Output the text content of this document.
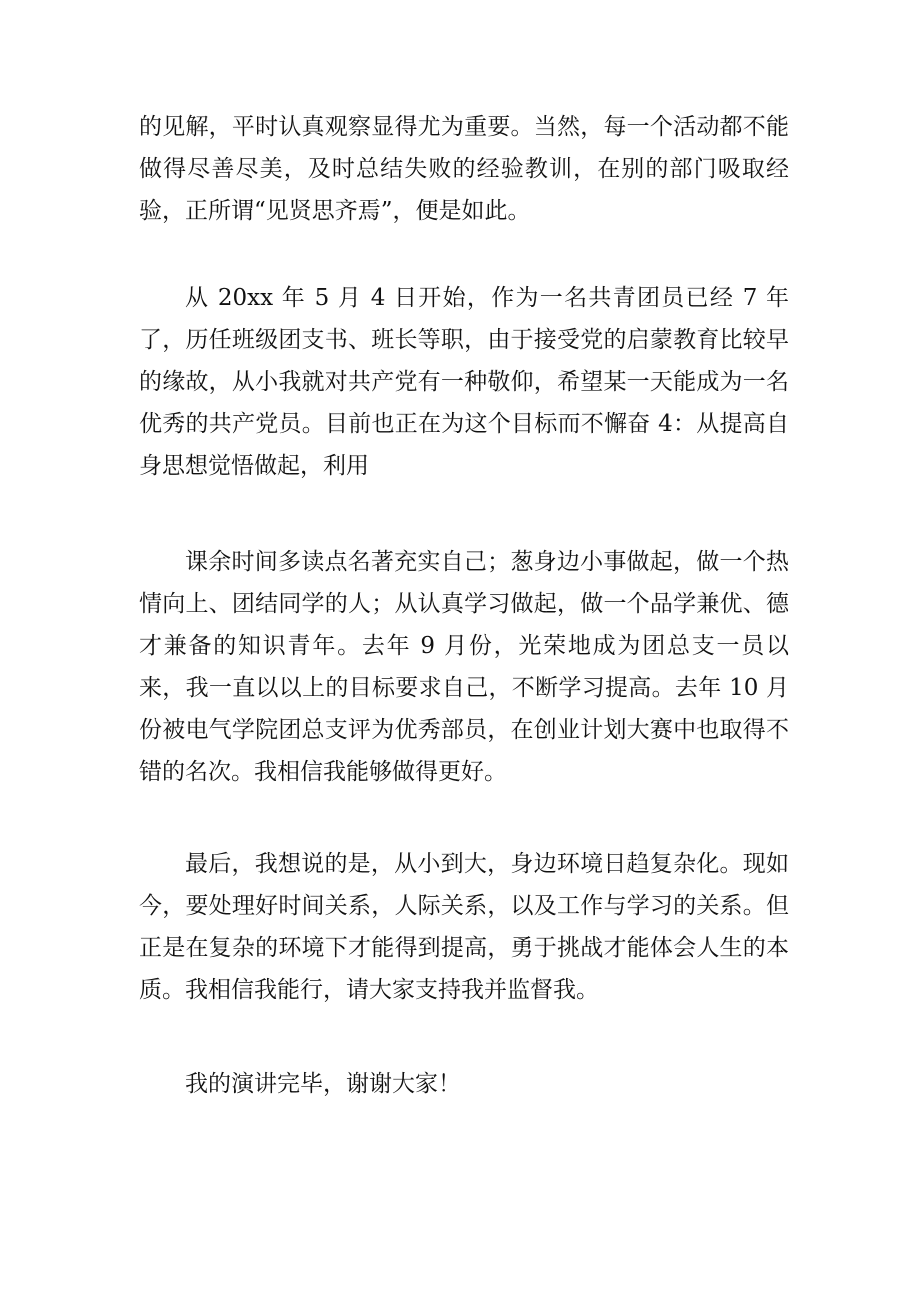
的见解，平时认真观察显得尤为重要。当然，每一个活动都不能做得尽善尽美，及时总结失败的经验教训，在别的部门吸取经验，正所谓“见贤思齐焉”，便是如此。

从 20xx 年 5 月 4 日开始，作为一名共青团员已经 7 年了，历任班级团支书、班长等职，由于接受党的启蒙教育比较早的缘故，从小我就对共产党有一种敬仰，希望某一天能成为一名优秀的共产党员。目前也正在为这个目标而不懈奋 4：从提高自身思想觉悟做起，利用

课余时间多读点名著充实自己；葱身边小事做起，做一个热情向上、团结同学的人；从认真学习做起，做一个品学兼优、德才兼备的知识青年。去年 9 月份，光荣地成为团总支一员以来，我一直以以上的目标要求自己，不断学习提高。去年 10 月份被电气学院团总支评为优秀部员，在创业计划大赛中也取得不错的名次。我相信我能够做得更好。

最后，我想说的是，从小到大，身边环境日趋复杂化。现如今，要处理好时间关系，人际关系，以及工作与学习的关系。但正是在复杂的环境下才能得到提高，勇于挑战才能体会人生的本质。我相信我能行，请大家支持我并监督我。

我的演讲完毕，谢谢大家！
